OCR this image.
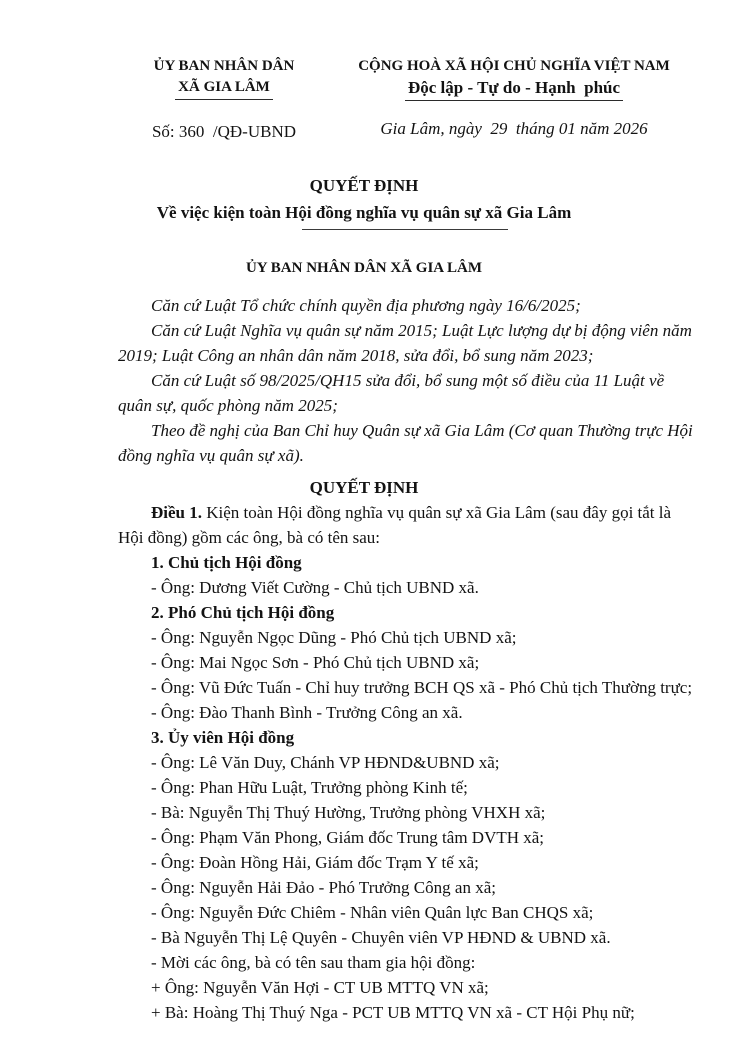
ỦY BAN NHÂN DÂN
XÃ GIA LÂM
Số: 360  /QĐ-UBND
CỘNG HOÀ XÃ HỘI CHỦ NGHĨA VIỆT NAM
Độc lập - Tự do - Hạnh  phúc
Gia Lâm, ngày  29  tháng 01 năm 2026
QUYẾT ĐỊNH
Về việc kiện toàn Hội đồng nghĩa vụ quân sự xã Gia Lâm
ỦY BAN NHÂN DÂN XÃ GIA LÂM

Căn cứ Luật Tổ chức chính quyền địa phương ngày 16/6/2025;

Căn cứ Luật Nghĩa vụ quân sự năm 2015; Luật Lực lượng dự bị động viên năm 2019; Luật Công an nhân dân năm 2018, sửa đổi, bổ sung năm 2023;

Căn cứ Luật số 98/2025/QH15 sửa đổi, bổ sung một số điều của 11 Luật về quân sự, quốc phòng năm 2025;

Theo đề nghị của Ban Chỉ huy Quân sự xã Gia Lâm (Cơ quan Thường trực Hội đồng nghĩa vụ quân sự xã).

QUYẾT ĐỊNH

Điều 1. Kiện toàn Hội đồng nghĩa vụ quân sự xã Gia Lâm (sau đây gọi tắt là Hội đồng) gồm các ông, bà có tên sau:

1. Chủ tịch Hội đồng

- Ông: Dương Viết Cường - Chủ tịch UBND xã.

2. Phó Chủ tịch Hội đồng

- Ông: Nguyễn Ngọc Dũng - Phó Chủ tịch UBND xã;

- Ông: Mai Ngọc Sơn - Phó Chủ tịch UBND xã;

- Ông: Vũ Đức Tuấn - Chỉ huy trưởng BCH QS xã - Phó Chủ tịch Thường trực;

- Ông: Đào Thanh Bình - Trưởng Công an xã.

3. Ủy viên Hội đồng

- Ông: Lê Văn Duy, Chánh VP HĐND&UBND xã;

- Ông: Phan Hữu Luật, Trưởng phòng Kinh tế;

- Bà: Nguyễn Thị Thuý Hường, Trưởng phòng VHXH xã;

- Ông: Phạm Văn Phong, Giám đốc Trung tâm DVTH xã;

- Ông: Đoàn Hồng Hải, Giám đốc Trạm Y tế xã;

- Ông: Nguyễn Hải Đảo - Phó Trưởng Công an xã;

- Ông: Nguyễn Đức Chiêm - Nhân viên Quân lực Ban CHQS xã;

- Bà Nguyễn Thị Lệ Quyên - Chuyên viên VP HĐND & UBND xã.

- Mời các ông, bà có tên sau tham gia hội đồng:

+ Ông: Nguyễn Văn Hợi - CT UB MTTQ VN xã;

+ Bà: Hoàng Thị Thuý Nga - PCT UB MTTQ VN xã - CT Hội Phụ nữ;
